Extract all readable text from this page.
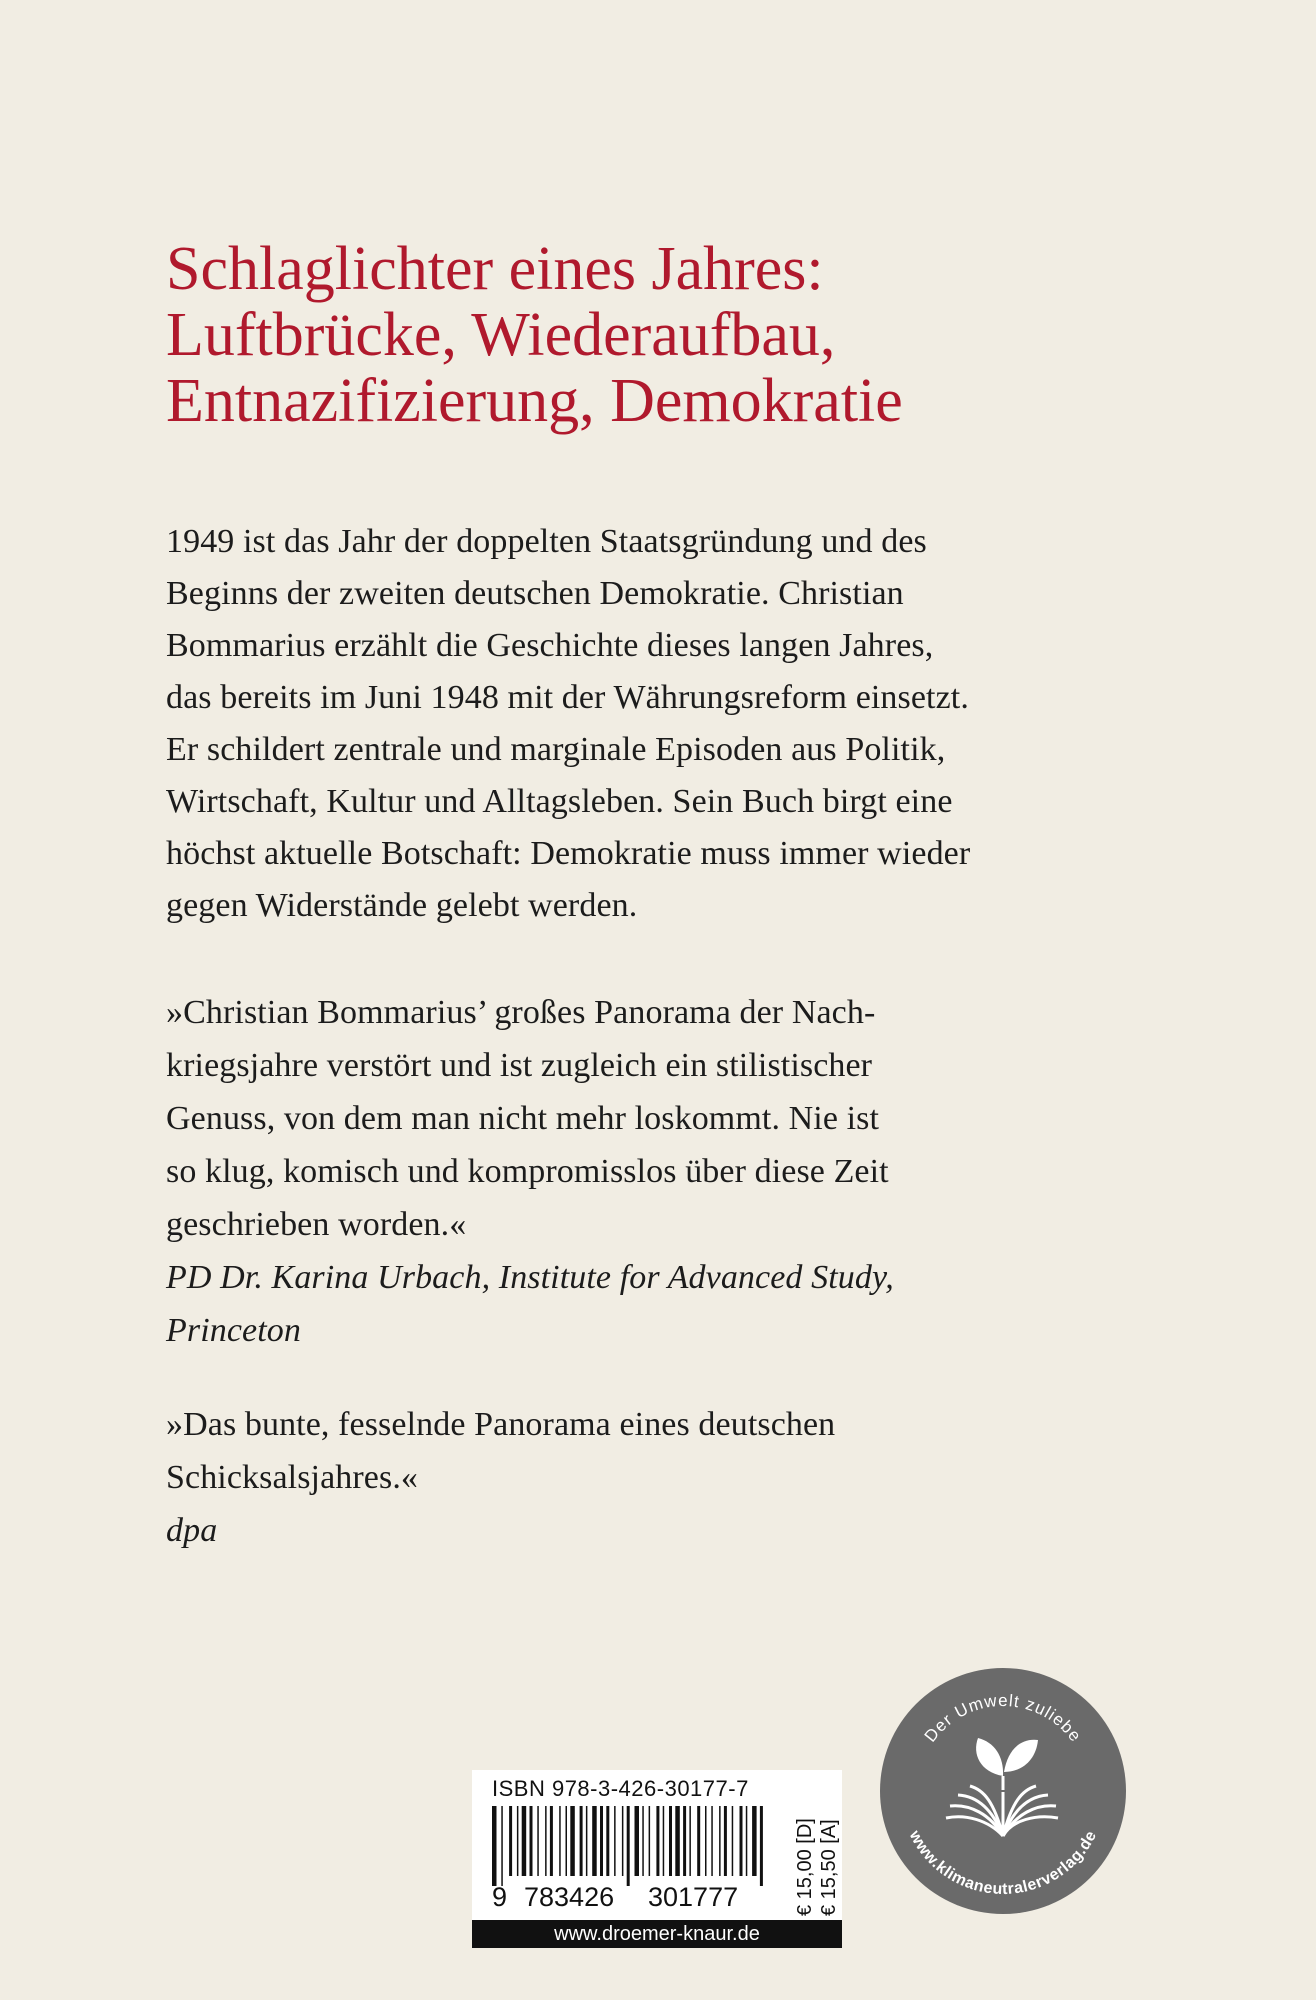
Schlaglichter eines Jahres:
Luftbrücke, Wiederaufbau,
Entnazifizierung, Demokratie
1949 ist das Jahr der doppelten Staatsgründung und des
Beginns der zweiten deutschen Demokratie. Christian
Bommarius erzählt die Geschichte dieses langen Jahres,
das bereits im Juni 1948 mit der Währungsreform einsetzt.
Er schildert zentrale und marginale Episoden aus Politik,
Wirtschaft, Kultur und Alltagsleben. Sein Buch birgt eine
höchst aktuelle Botschaft: Demokratie muss immer wieder
gegen Widerstände gelebt werden.
»Christian Bommarius’ großes Panorama der Nach-
kriegsjahre verstört und ist zugleich ein stilistischer
Genuss, von dem man nicht mehr loskommt. Nie ist
so klug, komisch und kompromisslos über diese Zeit
geschrieben worden.«
PD Dr. Karina Urbach, Institute for Advanced Study,
Princeton
»Das bunte, fesselnde Panorama eines deutschen
Schicksalsjahres.«
dpa
Der Umwelt zuliebe
www.klimaneutralerverlag.de
ISBN 978-3-426-30177-7
9 783426 301777	€ 15,00 [D] € 15,50 [A]
www.droemer-knaur.de
